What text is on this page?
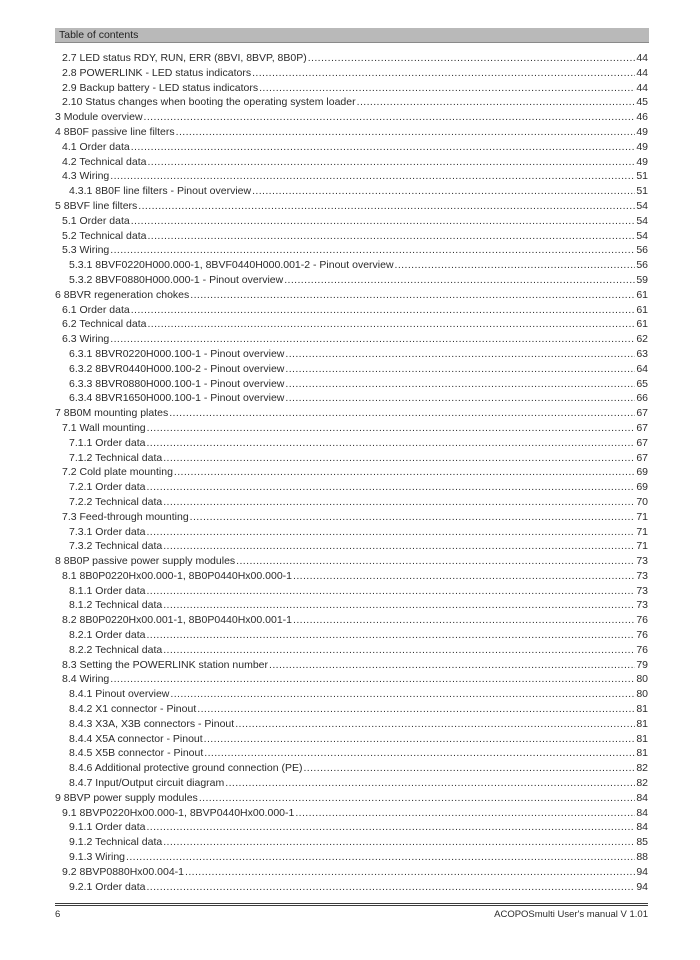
Table of contents
2.7 LED status RDY, RUN, ERR (8BVI, 8BVP, 8B0P) .....	44
2.8 POWERLINK - LED status indicators .....	44
2.9 Backup battery - LED status indicators .....	44
2.10 Status changes when booting the operating system loader .....	45
3 Module overview .....	46
4 8B0F passive line filters .....	49
4.1 Order data .....	49
4.2 Technical data .....	49
4.3 Wiring .....	51
4.3.1 8B0F line filters - Pinout overview .....	51
5 8BVF line filters .....	54
5.1 Order data .....	54
5.2 Technical data .....	54
5.3 Wiring .....	56
5.3.1 8BVF0220H000.000-1, 8BVF0440H000.001-2 - Pinout overview .....	56
5.3.2 8BVF0880H000.000-1 - Pinout overview .....	59
6 8BVR regeneration chokes .....	61
6.1 Order data .....	61
6.2 Technical data .....	61
6.3 Wiring .....	62
6.3.1 8BVR0220H000.100-1 - Pinout overview .....	63
6.3.2 8BVR0440H000.100-2 - Pinout overview .....	64
6.3.3 8BVR0880H000.100-1 - Pinout overview .....	65
6.3.4 8BVR1650H000.100-1 - Pinout overview .....	66
7 8B0M mounting plates .....	67
7.1 Wall mounting .....	67
7.1.1 Order data .....	67
7.1.2 Technical data .....	67
7.2 Cold plate mounting .....	69
7.2.1 Order data .....	69
7.2.2 Technical data .....	70
7.3 Feed-through mounting .....	71
7.3.1 Order data .....	71
7.3.2 Technical data .....	71
8 8B0P passive power supply modules .....	73
8.1 8B0P0220Hx00.000-1, 8B0P0440Hx00.000-1 .....	73
8.1.1 Order data .....	73
8.1.2 Technical data .....	73
8.2 8B0P0220Hx00.001-1, 8B0P0440Hx00.001-1 .....	76
8.2.1 Order data .....	76
8.2.2 Technical data .....	76
8.3 Setting the POWERLINK station number .....	79
8.4 Wiring .....	80
8.4.1 Pinout overview .....	80
8.4.2 X1 connector - Pinout .....	81
8.4.3 X3A, X3B connectors - Pinout .....	81
8.4.4 X5A connector - Pinout .....	81
8.4.5 X5B connector - Pinout .....	81
8.4.6 Additional protective ground connection (PE) .....	82
8.4.7 Input/Output circuit diagram .....	82
9 8BVP power supply modules .....	84
9.1 8BVP0220Hx00.000-1, 8BVP0440Hx00.000-1 .....	84
9.1.1 Order data .....	84
9.1.2 Technical data .....	85
9.1.3 Wiring .....	88
9.2 8BVP0880Hx00.004-1 .....	94
9.2.1 Order data .....	94
6	ACOPOSmulti User's manual V 1.01
